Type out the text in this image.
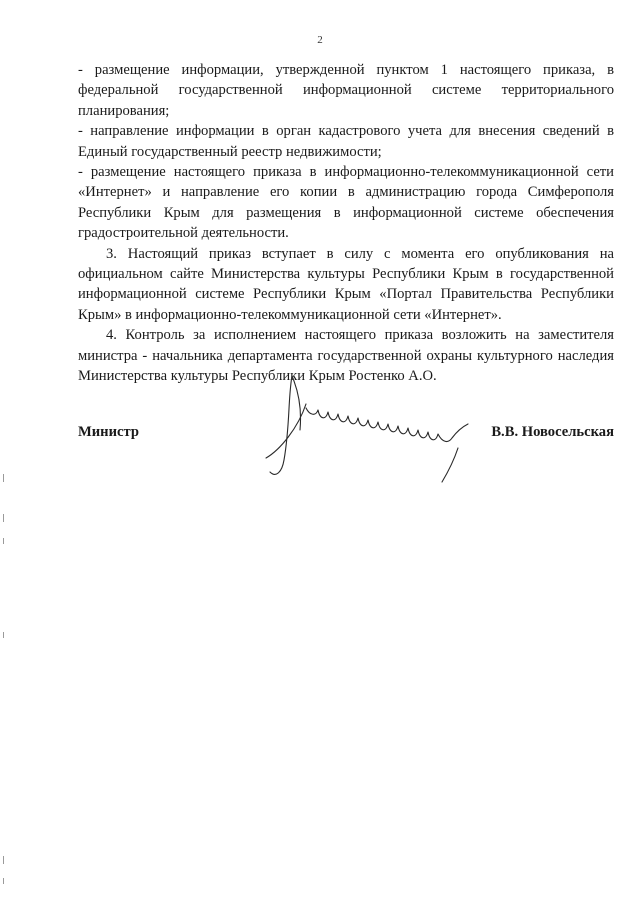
2

- размещение информации, утвержденной пунктом 1 настоящего приказа, в федеральной государственной информационной системе территориального планирования;

- направление информации в орган кадастрового учета для внесения сведений в Единый государственный реестр недвижимости;

- размещение настоящего приказа в информационно-телекоммуникационной сети «Интернет» и направление его копии в администрацию города Симферополя Республики Крым для размещения в информационной системе обеспечения градостроительной деятельности.

3. Настоящий приказ вступает в силу с момента его опубликования на официальном сайте Министерства культуры Республики Крым в государственной информационной системе Республики Крым «Портал Правительства Республики Крым» в информационно-телекоммуникационной сети «Интернет».

4. Контроль за исполнением настоящего приказа возложить на заместителя министра - начальника департамента государственной охраны культурного наследия Министерства культуры Республики Крым Ростенко А.О.

Министр	В.В. Новосельская
